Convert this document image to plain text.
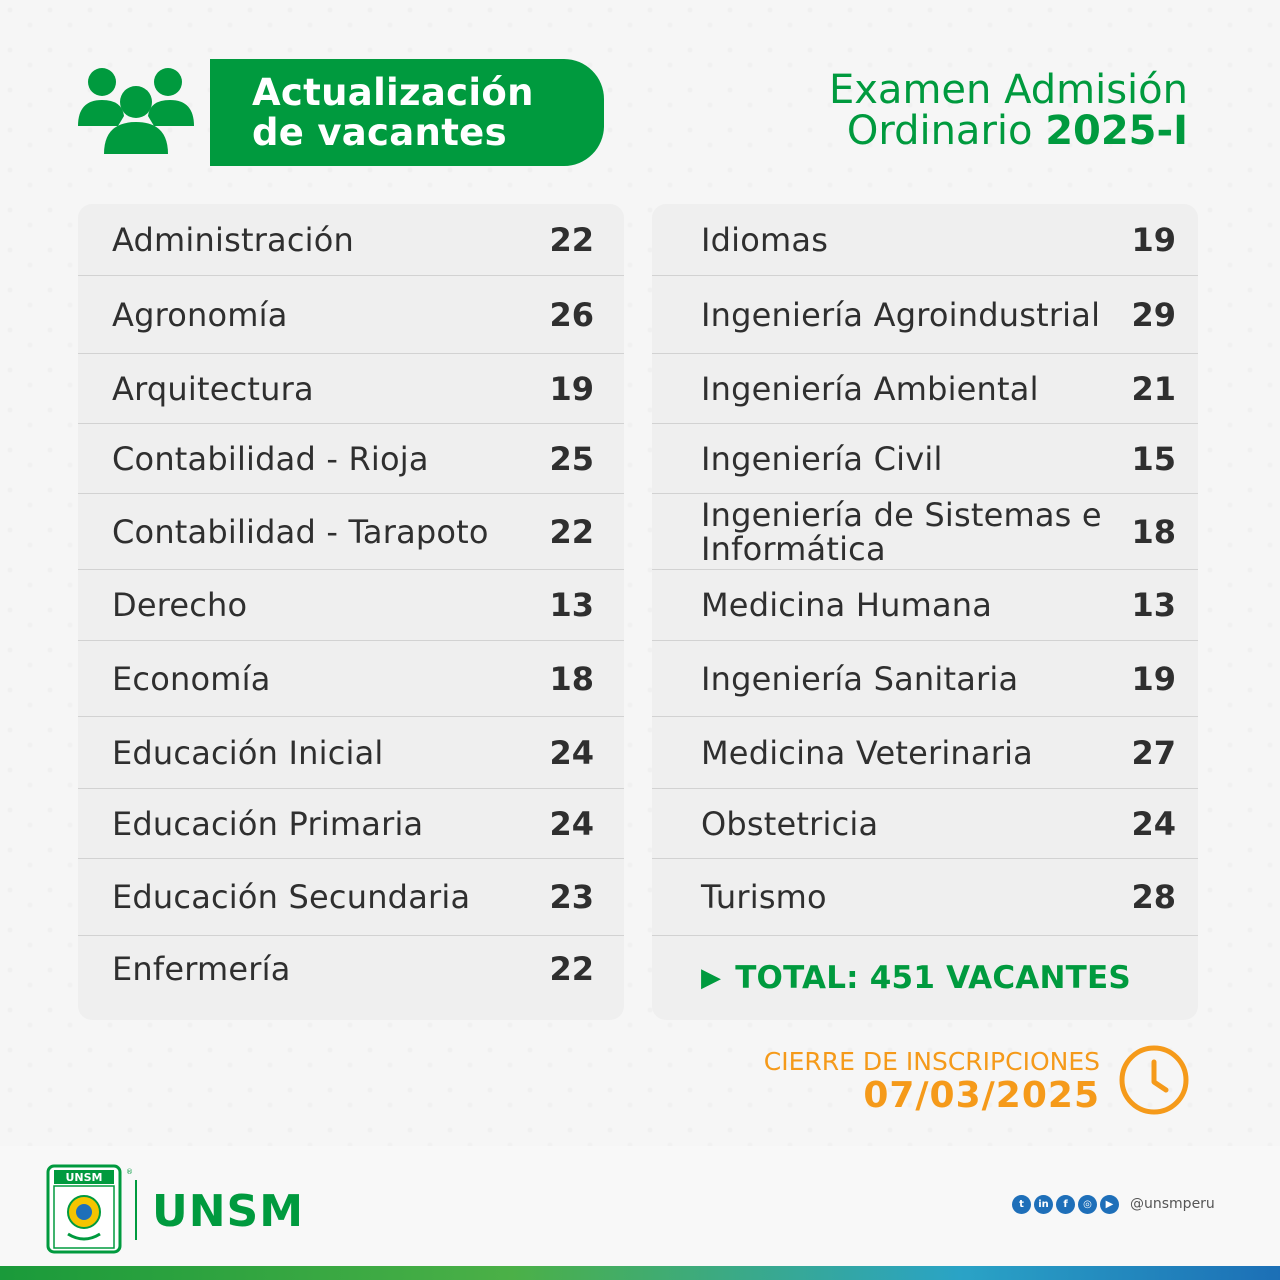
Actualización
de vacantes
Examen Admisión
Ordinario 2025-I
Administración	22
Agronomía	26
Arquitectura	19
Contabilidad - Rioja	25
Contabilidad - Tarapoto	22
Derecho	13
Economía	18
Educación Inicial	24
Educación Primaria	24
Educación Secundaria	23
Enfermería	22
Idiomas	19
Ingeniería Agroindustrial 29
Ingeniería Ambiental	21
Ingeniería Civil	15
Ingeniería de Sistemas e Informática	18
Medicina Humana	13
Ingeniería Sanitaria	19
Medicina Veterinaria	27
Obstetricia	24
Turismo	28
▶ TOTAL: 451 VACANTES
CIERRE DE INSCRIPCIONES
07/03/2025
UNSM	®
UNSM	t	in	f	◎	▶	@unsmperu
